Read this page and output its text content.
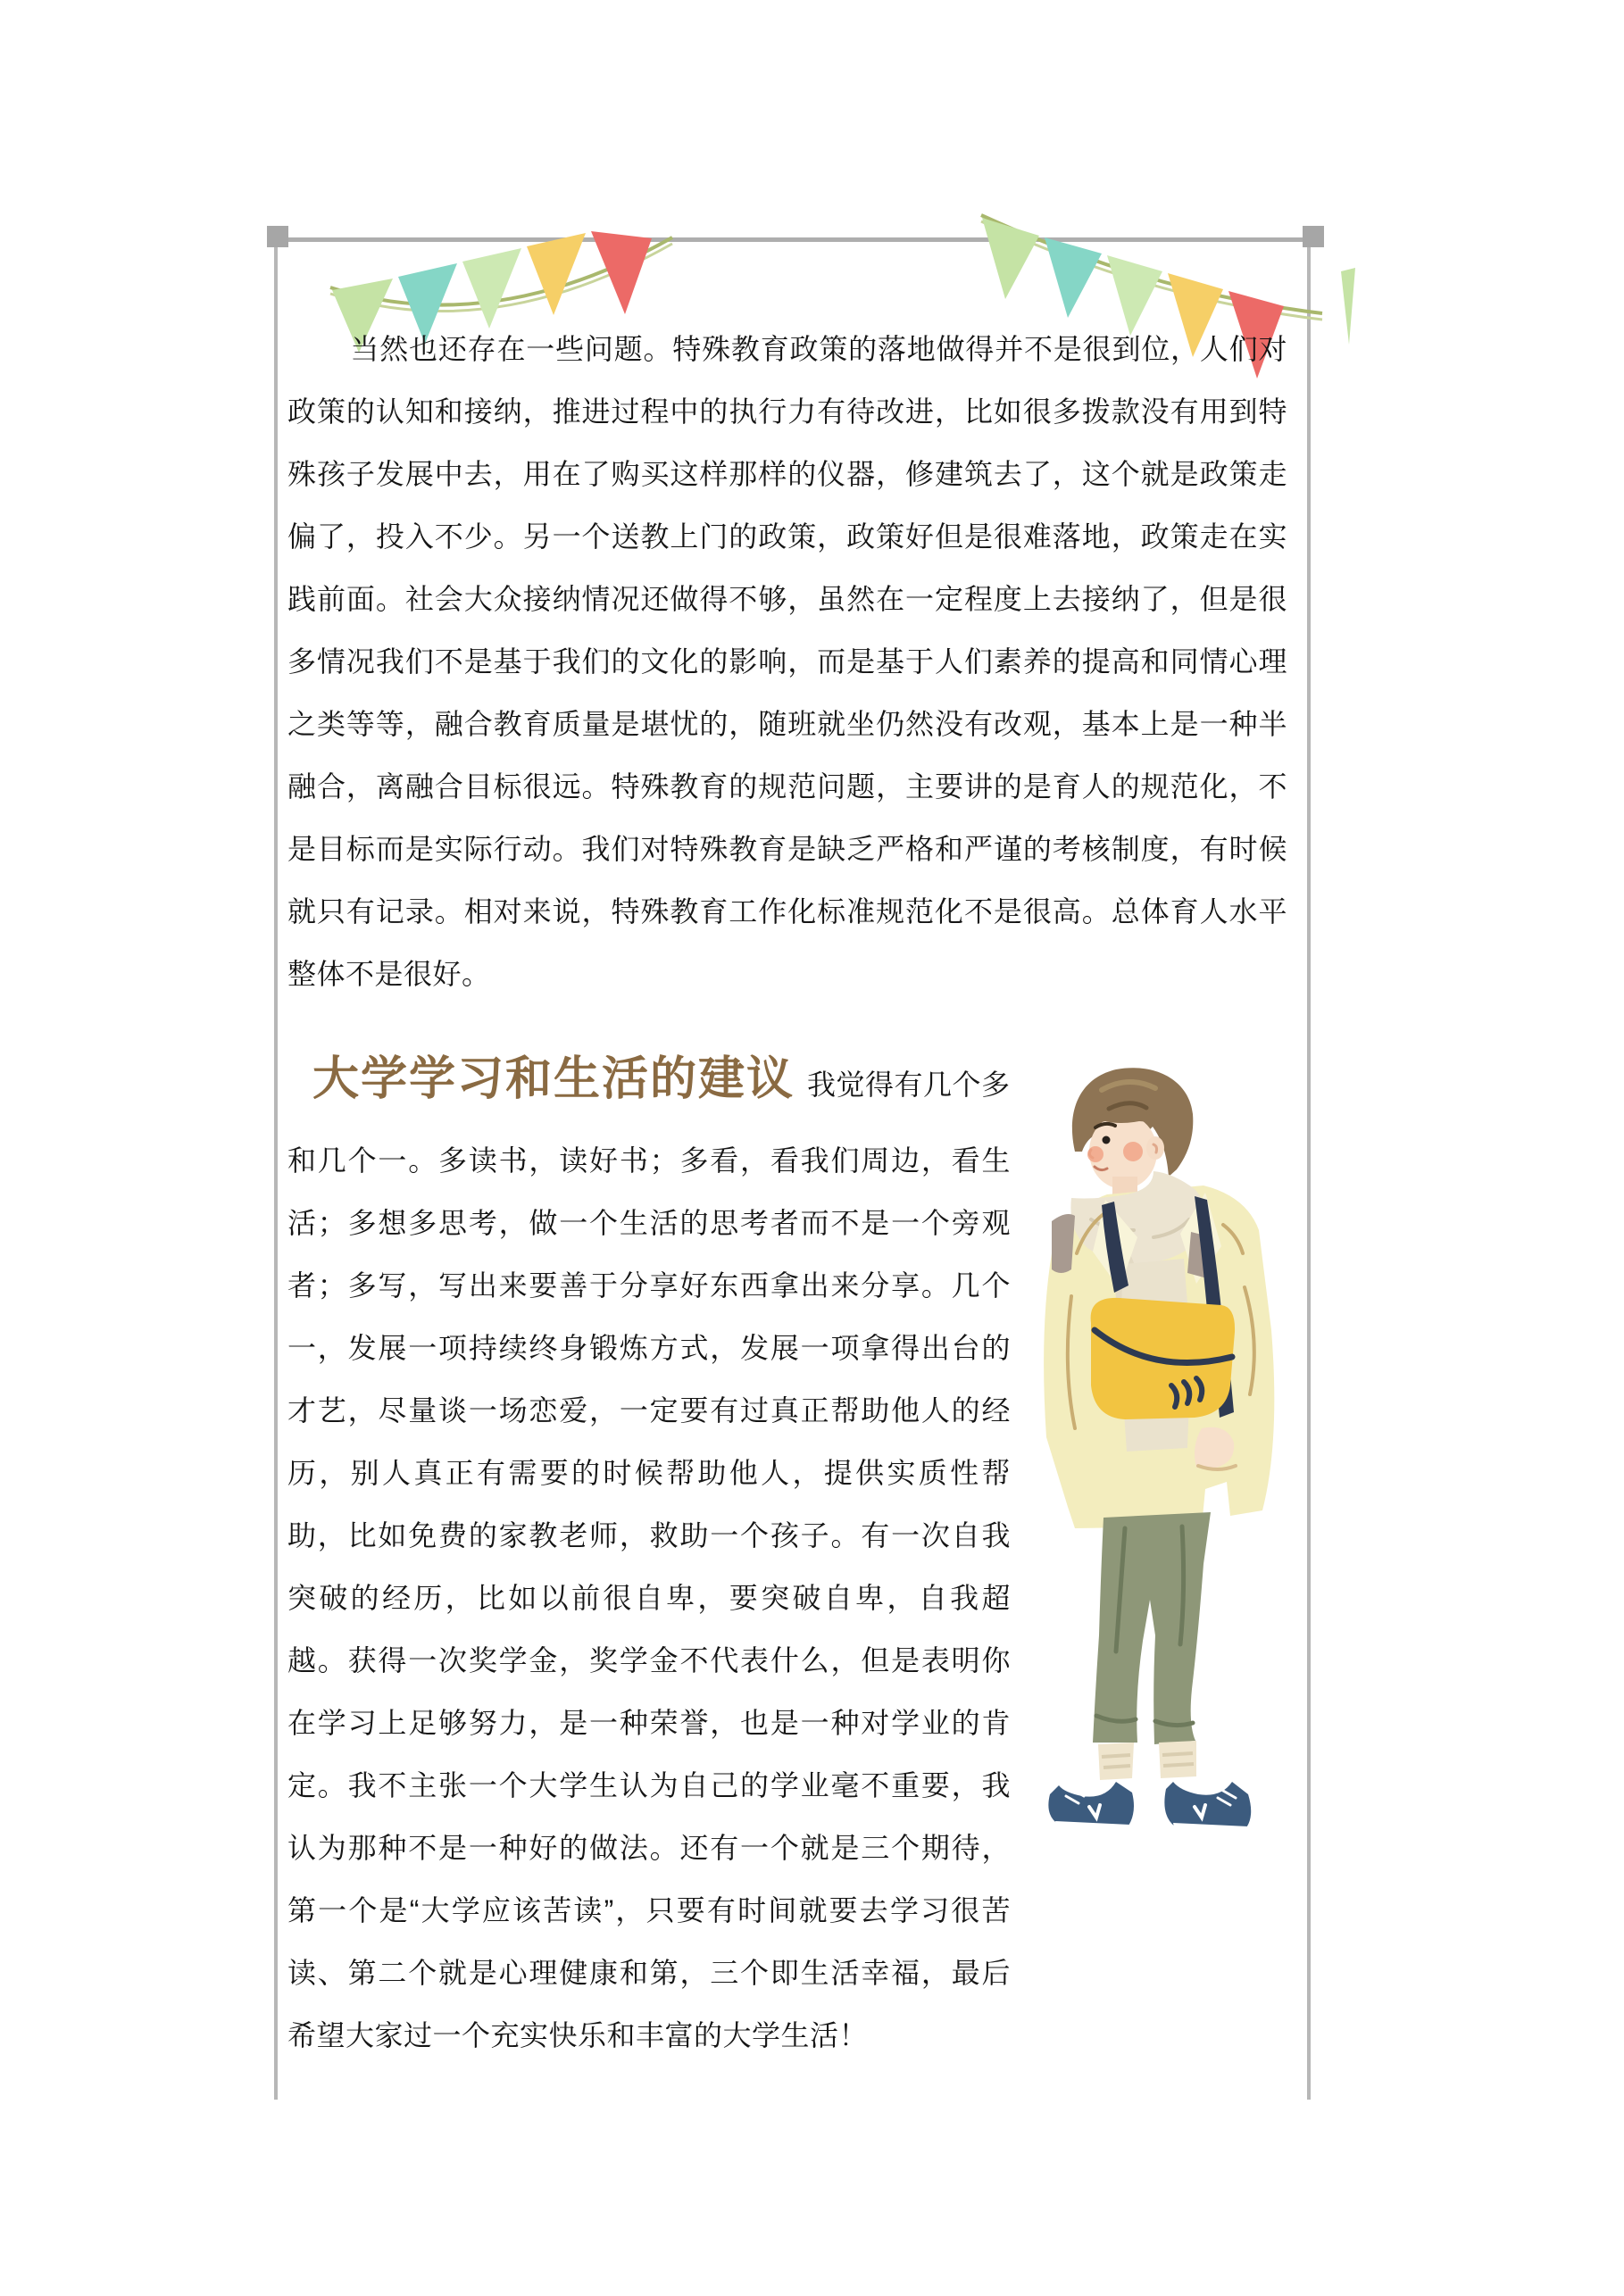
当然也还存在一些问题。特殊教育政策的落地做得并不是很到位，人们对政策的认知和接纳，推进过程中的执行力有待改进，比如很多拨款没有用到特殊孩子发展中去，用在了购买这样那样的仪器，修建筑去了，这个就是政策走偏了，投入不少。另一个送教上门的政策，政策好但是很难落地，政策走在实践前面。社会大众接纳情况还做得不够，虽然在一定程度上去接纳了，但是很多情况我们不是基于我们的文化的影响，而是基于人们素养的提高和同情心理之类等等，融合教育质量是堪忧的，随班就坐仍然没有改观，基本上是一种半融合，离融合目标很远。特殊教育的规范问题，主要讲的是育人的规范化，不是目标而是实际行动。我们对特殊教育是缺乏严格和严谨的考核制度，有时候就只有记录。相对来说，特殊教育工作化标准规范化不是很高。总体育人水平整体不是很好。

大学学习和生活的建议 我觉得有几个多

和几个一。多读书，读好书；多看，看我们周边，看生活；多想多思考，做一个生活的思考者而不是一个旁观者；多写，写出来要善于分享好东西拿出来分享。几个一，发展一项持续终身锻炼方式，发展一项拿得出台的才艺，尽量谈一场恋爱，一定要有过真正帮助他人的经历，别人真正有需要的时候帮助他人，提供实质性帮助，比如免费的家教老师，救助一个孩子。有一次自我突破的经历，比如以前很自卑，要突破自卑，自我超越。获得一次奖学金，奖学金不代表什么，但是表明你在学习上足够努力，是一种荣誉，也是一种对学业的肯定。我不主张一个大学生认为自己的学业毫不重要，我认为那种不是一种好的做法。还有一个就是三个期待，第一个是“大学应该苦读”，只要有时间就要去学习很苦读、第二个就是心理健康和第，三个即生活幸福，最后希望大家过一个充实快乐和丰富的大学生活！
